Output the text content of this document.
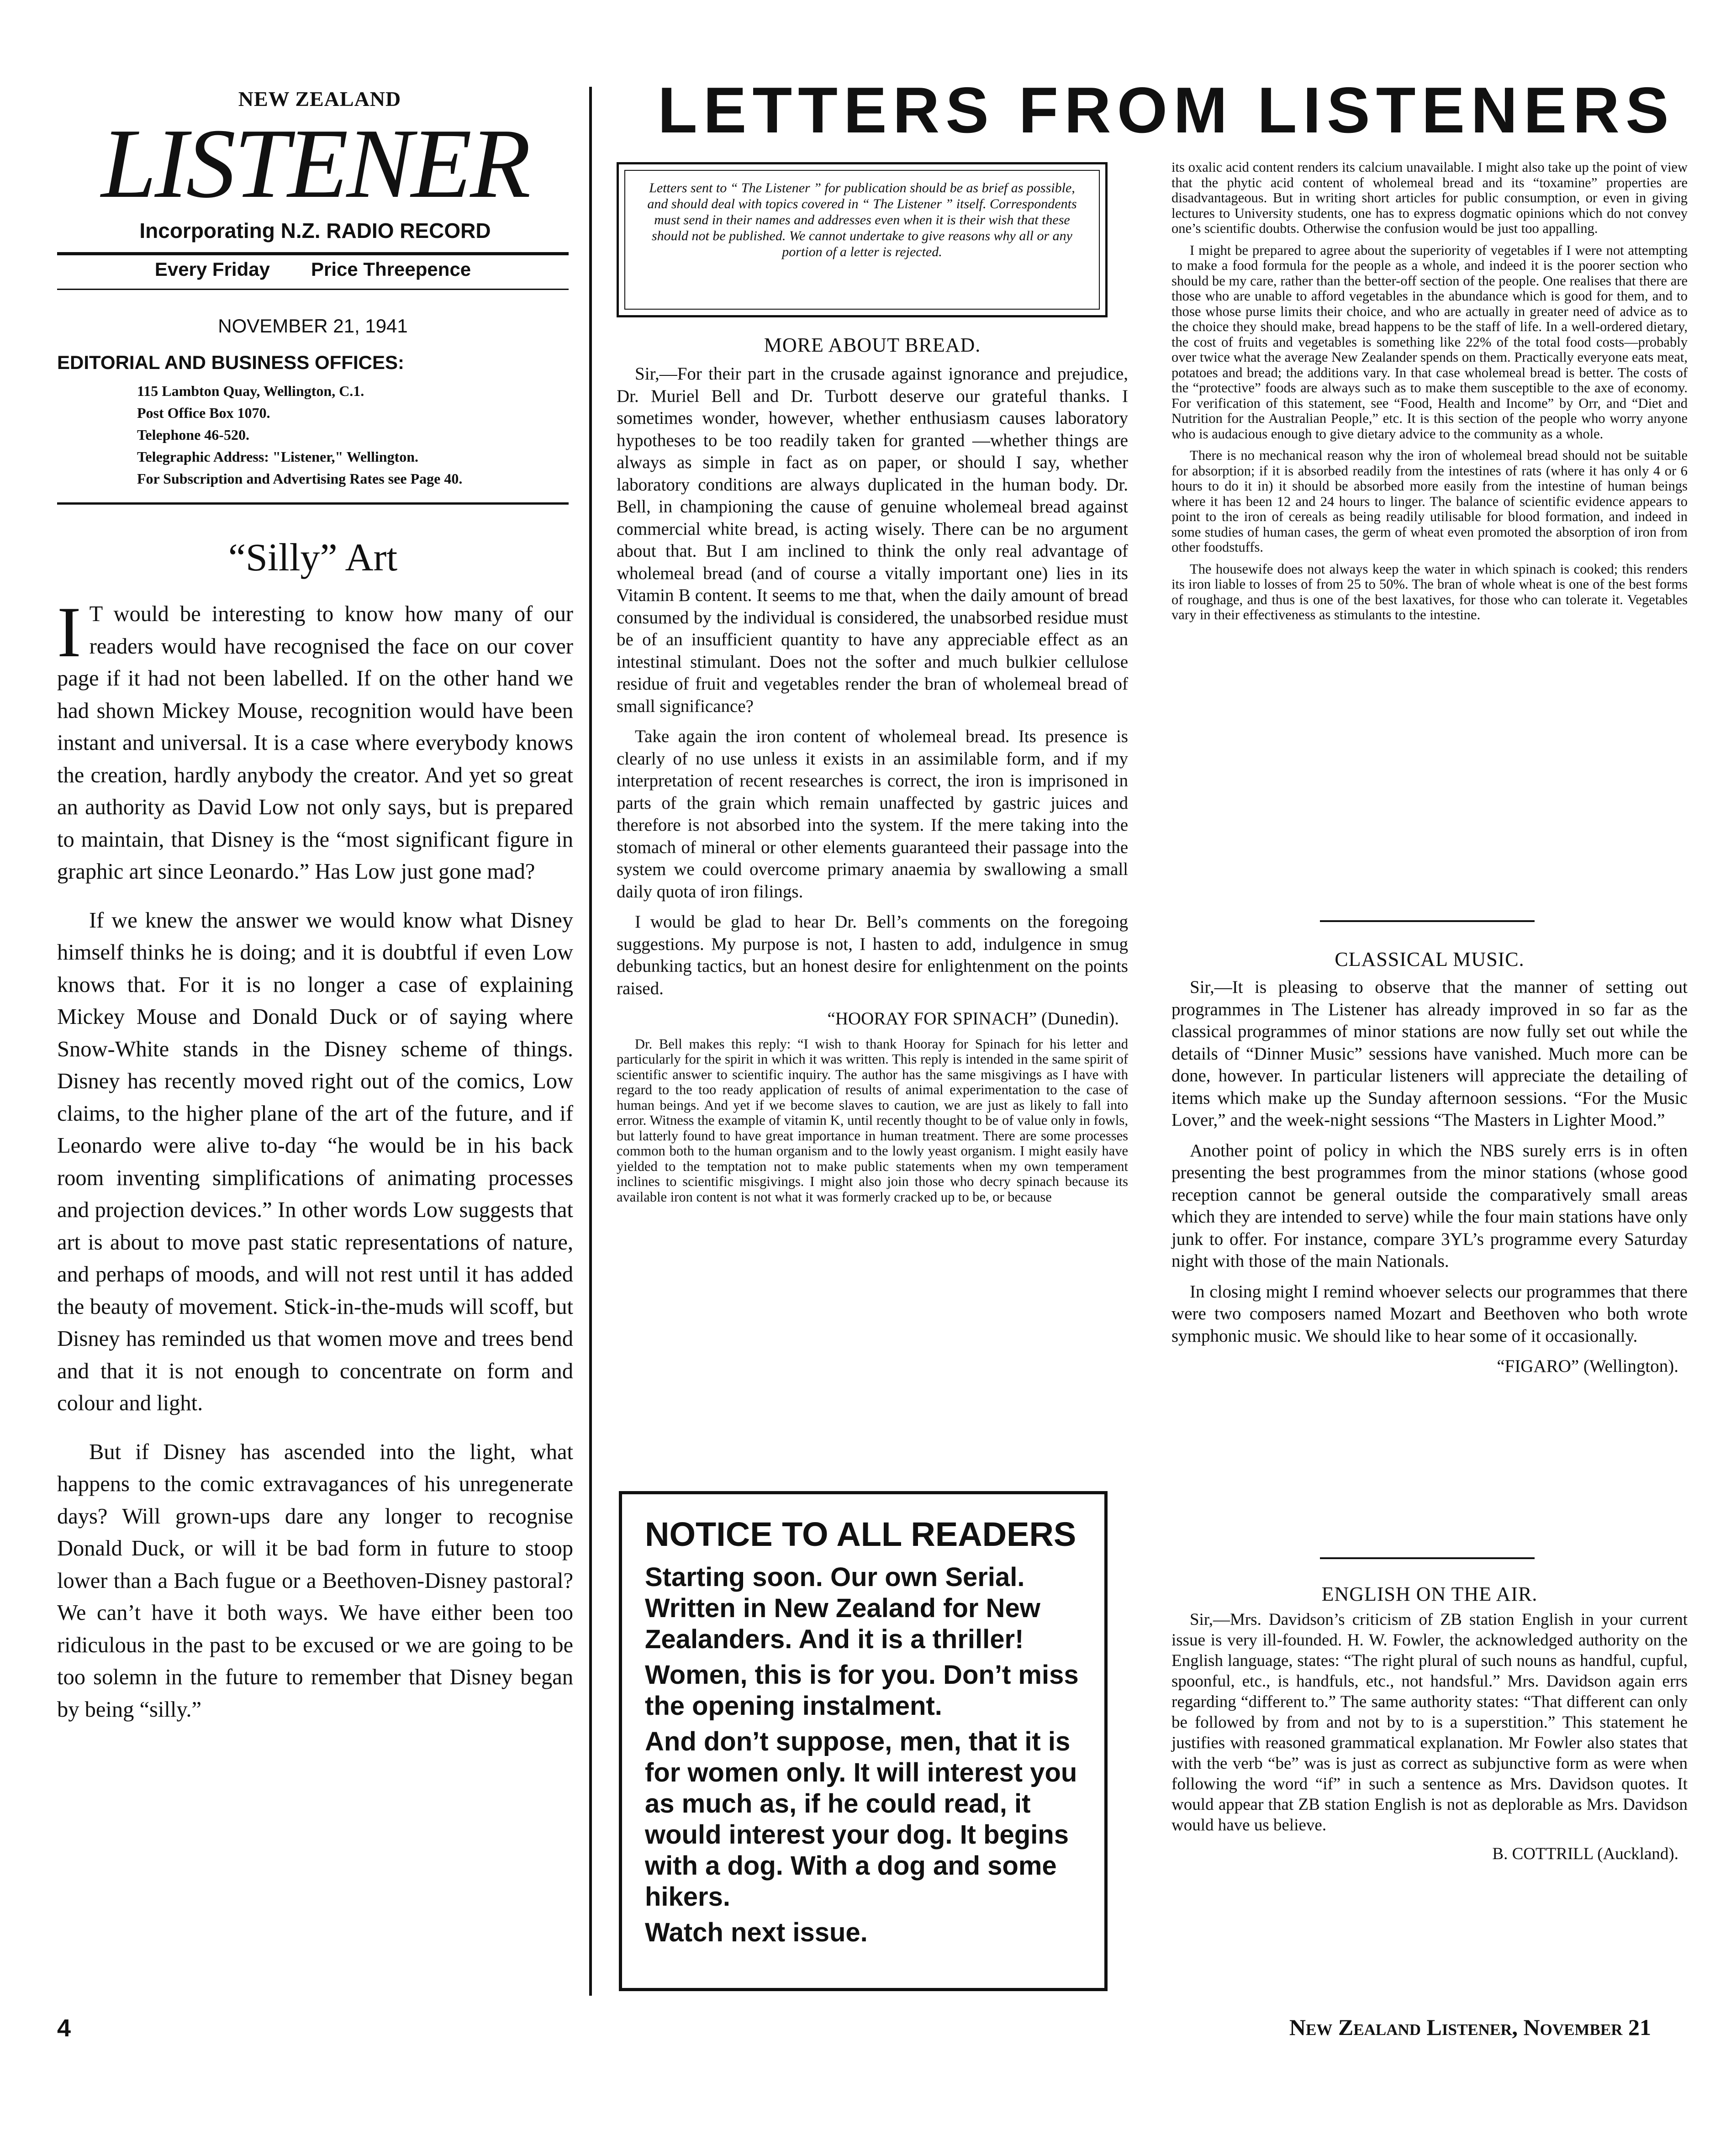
NEW ZEALAND
LISTENER
Incorporating N.Z. RADIO RECORD
Every Friday Price Threepence
NOVEMBER 21, 1941
EDITORIAL AND BUSINESS OFFICES:
115 Lambton Quay, Wellington, C.1.
Post Office Box 1070.
Telephone 46-520.
Telegraphic Address: "Listener," Wellington.
For Subscription and Advertising Rates see Page 40.
“Silly” Art

I T would be interesting to know how many of our readers would have recognised the face on our cover page if it had not been labelled. If on the other hand we had shown Mickey Mouse, recognition would have been instant and universal. It is a case where everybody knows the creation, hardly anybody the creator. And yet so great an authority as David Low not only says, but is prepared to maintain, that Disney is the “most significant figure in graphic art since Leonardo.” Has Low just gone mad?

If we knew the answer we would know what Disney himself thinks he is doing; and it is doubtful if even Low knows that. For it is no longer a case of explaining Mickey Mouse and Donald Duck or of saying where Snow-White stands in the Disney scheme of things. Disney has recently moved right out of the comics, Low claims, to the higher plane of the art of the future, and if Leonardo were alive to-day “he would be in his back room inventing simplifications of animating processes and projection devices.” In other words Low suggests that art is about to move past static representations of nature, and perhaps of moods, and will not rest until it has added the beauty of movement. Stick-in-the-muds will scoff, but Disney has reminded us that women move and trees bend and that it is not enough to concentrate on form and colour and light.

But if Disney has ascended into the light, what happens to the comic extravagances of his unregenerate days? Will grown-ups dare any longer to recognise Donald Duck, or will it be bad form in future to stoop lower than a Bach fugue or a Beethoven-Disney pastoral? We can’t have it both ways. We have either been too ridiculous in the past to be excused or we are going to be too solemn in the future to remember that Disney began by being “silly.”

4
LETTERS FROM LISTENERS
Letters sent to “ The Listener ” for publication should be as brief as possible, and should deal with topics covered in “ The Listener ” itself. Correspondents must send in their names and addresses even when it is their wish that these should not be published. We cannot undertake to give reasons why all or any portion of a letter is rejected.
MORE ABOUT BREAD.

Sir,—For their part in the crusade against ignorance and prejudice, Dr. Muriel Bell and Dr. Turbott deserve our grateful thanks. I sometimes wonder, however, whether enthusiasm causes laboratory hypotheses to be too readily taken for granted —whether things are always as simple in fact as on paper, or should I say, whether laboratory conditions are always duplicated in the human body. Dr. Bell, in championing the cause of genuine wholemeal bread against commercial white bread, is acting wisely. There can be no argument about that. But I am inclined to think the only real advantage of wholemeal bread (and of course a vitally important one) lies in its Vitamin B content. It seems to me that, when the daily amount of bread consumed by the individual is considered, the unabsorbed residue must be of an insufficient quantity to have any appreciable effect as an intestinal stimulant. Does not the softer and much bulkier cellulose residue of fruit and vegetables render the bran of wholemeal bread of small significance?

Take again the iron content of wholemeal bread. Its presence is clearly of no use unless it exists in an assimilable form, and if my interpretation of recent researches is correct, the iron is imprisoned in parts of the grain which remain unaffected by gastric juices and therefore is not absorbed into the system. If the mere taking into the stomach of mineral or other elements guaranteed their passage into the system we could overcome primary anaemia by swallowing a small daily quota of iron filings.

I would be glad to hear Dr. Bell’s comments on the foregoing suggestions. My purpose is not, I hasten to add, indulgence in smug debunking tactics, but an honest desire for enlightenment on the points raised.

“HOORAY FOR SPINACH” (Dunedin).

Dr. Bell makes this reply: “I wish to thank Hooray for Spinach for his letter and particularly for the spirit in which it was written. This reply is intended in the same spirit of scientific answer to scientific inquiry. The author has the same misgivings as I have with regard to the too ready application of results of animal experimentation to the case of human beings. And yet if we become slaves to caution, we are just as likely to fall into error. Witness the example of vitamin K, until recently thought to be of value only in fowls, but latterly found to have great importance in human treatment. There are some processes common both to the human organism and to the lowly yeast organism. I might easily have yielded to the temptation not to make public statements when my own temperament inclines to scientific misgivings. I might also join those who decry spinach because its available iron content is not what it was formerly cracked up to be, or because

NOTICE TO ALL READERS

Starting soon. Our own Serial. Written in New Zealand for New Zealanders. And it is a thriller!

Women, this is for you. Don’t miss the opening instalment.

And don’t suppose, men, that it is for women only. It will interest you as much as, if he could read, it would interest your dog. It begins with a dog. With a dog and some hikers.

Watch next issue.

its oxalic acid content renders its calcium unavailable. I might also take up the point of view that the phytic acid content of wholemeal bread and its “toxamine” properties are disadvantageous. But in writing short articles for public consumption, or even in giving lectures to University students, one has to express dogmatic opinions which do not convey one’s scientific doubts. Otherwise the confusion would be just too appalling.

I might be prepared to agree about the superiority of vegetables if I were not attempting to make a food formula for the people as a whole, and indeed it is the poorer section who should be my care, rather than the better-off section of the people. One realises that there are those who are unable to afford vegetables in the abundance which is good for them, and to those whose purse limits their choice, and who are actually in greater need of advice as to the choice they should make, bread happens to be the staff of life. In a well-ordered dietary, the cost of fruits and vegetables is something like 22% of the total food costs—probably over twice what the average New Zealander spends on them. Practically everyone eats meat, potatoes and bread; the additions vary. In that case wholemeal bread is better. The costs of the “protective” foods are always such as to make them susceptible to the axe of economy. For verification of this statement, see “Food, Health and Income” by Orr, and “Diet and Nutrition for the Australian People,” etc. It is this section of the people who worry anyone who is audacious enough to give dietary advice to the community as a whole.

There is no mechanical reason why the iron of wholemeal bread should not be suitable for absorption; if it is absorbed readily from the intestines of rats (where it has only 4 or 6 hours to do it in) it should be absorbed more easily from the intestine of human beings where it has been 12 and 24 hours to linger. The balance of scientific evidence appears to point to the iron of cereals as being readily utilisable for blood formation, and indeed in some studies of human cases, the germ of wheat even promoted the absorption of iron from other foodstuffs.

The housewife does not always keep the water in which spinach is cooked; this renders its iron liable to losses of from 25 to 50%. The bran of whole wheat is one of the best forms of roughage, and thus is one of the best laxatives, for those who can tolerate it. Vegetables vary in their effectiveness as stimulants to the intestine.

CLASSICAL MUSIC.

Sir,—It is pleasing to observe that the manner of setting out programmes in The Listener has already improved in so far as the classical programmes of minor stations are now fully set out while the details of “Dinner Music” sessions have vanished. Much more can be done, however. In particular listeners will appreciate the detailing of items which make up the Sunday afternoon sessions. “For the Music Lover,” and the week-night sessions “The Masters in Lighter Mood.”

Another point of policy in which the NBS surely errs is in often presenting the best programmes from the minor stations (whose good reception cannot be general outside the comparatively small areas which they are intended to serve) while the four main stations have only junk to offer. For instance, compare 3YL’s programme every Saturday night with those of the main Nationals.

In closing might I remind whoever selects our programmes that there were two composers named Mozart and Beethoven who both wrote symphonic music. We should like to hear some of it occasionally.

“FIGARO” (Wellington).
ENGLISH ON THE AIR.

Sir,—Mrs. Davidson’s criticism of ZB station English in your current issue is very ill-founded. H. W. Fowler, the acknowledged authority on the English language, states: “The right plural of such nouns as handful, cupful, spoonful, etc., is handfuls, etc., not handsful.” Mrs. Davidson again errs regarding “different to.” The same authority states: “That different can only be followed by from and not by to is a superstition.” This statement he justifies with reasoned grammatical explanation. Mr Fowler also states that with the verb “be” was is just as correct as subjunctive form as were when following the word “if” in such a sentence as Mrs. Davidson quotes. It would appear that ZB station English is not as deplorable as Mrs. Davidson would have us believe.

B. COTTRILL (Auckland).
New Zealand Listener, November 21
